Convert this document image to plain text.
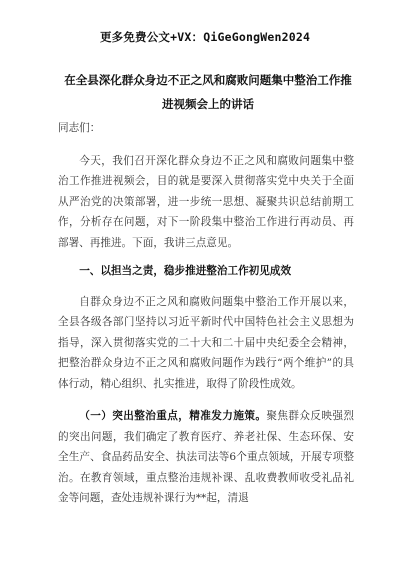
更多免费公文+VX：QiGeGongWen2024
在全县深化群众身边不正之风和腐败问题集中整治工作推
进视频会上的讲话

同志们：

今天，我们召开深化群众身边不正之风和腐败问题集中整治工作推进视频会，目的就是要深入贯彻落实党中央关于全面从严治党的决策部署，进一步统一思想、凝聚共识总结前期工作，分析存在问题，对下一阶段集中整治工作进行再动员、再部署、再推进。下面，我讲三点意见。

一、以担当之责，稳步推进整治工作初见成效

自群众身边不正之风和腐败问题集中整治工作开展以来，全县各级各部门坚持以习近平新时代中国特色社会主义思想为指导，深入贯彻落实党的二十大和二十届中央纪委全会精神，把整治群众身边不正之风和腐败问题作为践行“两个维护”的具体行动，精心组织、扎实推进，取得了阶段性成效。

（一）突出整治重点，精准发力施策。聚焦群众反映强烈的突出问题，我们确定了教育医疗、养老社保、生态环保、安全生产、食品药品安全、执法司法等6个重点领域，开展专项整治。在教育领域，重点整治违规补课、乱收费教师收受礼品礼金等问题，查处违规补课行为**起，清退
